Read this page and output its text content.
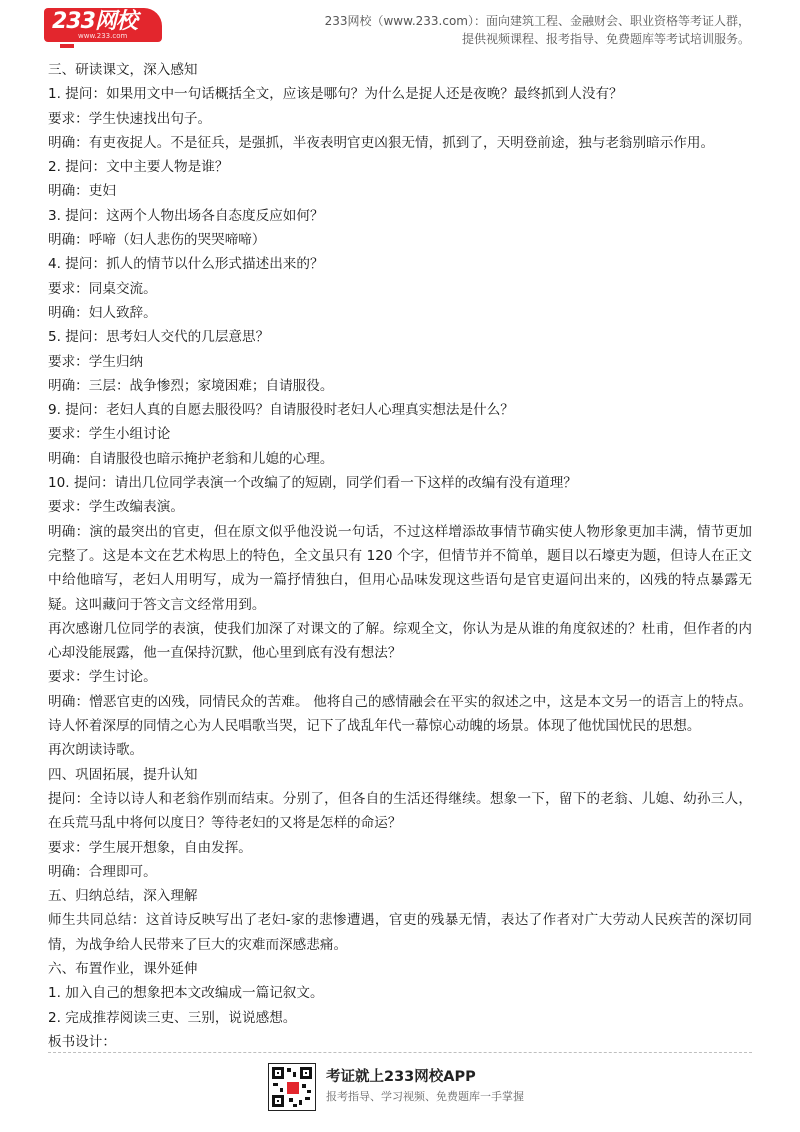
233网校
www.233.com
233网校（www.233.com）：面向建筑工程、金融财会、职业资格等考证人群，
提供视频课程、报考指导、免费题库等考试培训服务。

三、研读课文，深入感知

1. 提问：如果用文中一句话概括全文，应该是哪句？为什么是捉人还是夜晚？最终抓到人没有？

要求：学生快速找出句子。

明确：有吏夜捉人。不是征兵，是强抓，半夜表明官吏凶狠无情，抓到了，天明登前途，独与老翁别暗示作用。

2. 提问：文中主要人物是谁？

明确：吏妇

3. 提问：这两个人物出场各自态度反应如何？

明确：呼啼（妇人悲伤的哭哭啼啼）

4. 提问：抓人的情节以什么形式描述出来的？

要求：同桌交流。

明确：妇人致辞。

5. 提问：思考妇人交代的几层意思？

要求：学生归纳

明确：三层：战争惨烈；家境困难；自请服役。

9. 提问：老妇人真的自愿去服役吗？自请服役时老妇人心理真实想法是什么？

要求：学生小组讨论

明确：自请服役也暗示掩护老翁和儿媳的心理。

10. 提问：请出几位同学表演一个改编了的短剧，同学们看一下这样的改编有没有道理？

要求：学生改编表演。

明确：演的最突出的官吏，但在原文似乎他没说一句话，不过这样增添故事情节确实使人物形象更加丰满，情节更加完整了。这是本文在艺术构思上的特色，全文虽只有 120 个字，但情节并不简单，题目以石壕吏为题，但诗人在正文中给他暗写，老妇人用明写，成为一篇抒情独白，但用心品味发现这些语句是官吏逼问出来的，凶残的特点暴露无疑。这叫藏问于答文言文经常用到。

再次感谢几位同学的表演，使我们加深了对课文的了解。综观全文，你认为是从谁的角度叙述的？杜甫，但作者的内心却没能展露，他一直保持沉默，他心里到底有没有想法？

要求：学生讨论。

明确：憎恶官吏的凶残，同情民众的苦难。 他将自己的感情融会在平实的叙述之中，这是本文另一的语言上的特点。诗人怀着深厚的同情之心为人民唱歌当哭，记下了战乱年代一幕惊心动魄的场景。体现了他忧国忧民的思想。

再次朗读诗歌。

四、巩固拓展，提升认知

提问：全诗以诗人和老翁作别而结束。分别了，但各自的生活还得继续。想象一下，留下的老翁、儿媳、幼孙三人，在兵荒马乱中将何以度日？等待老妇的又将是怎样的命运？

要求：学生展开想象，自由发挥。

明确：合理即可。

五、归纳总结，深入理解

师生共同总结：这首诗反映写出了老妇-家的悲惨遭遇，官吏的残暴无情，表达了作者对广大劳动人民疾苦的深切同情，为战争给人民带来了巨大的灾难而深感悲痛。

六、布置作业，课外延伸

1. 加入自己的想象把本文改编成一篇记叙文。

2. 完成推荐阅读三吏、三别，说说感想。

板书设计：

考证就上233网校APP
报考指导、学习视频、免费题库一手掌握
